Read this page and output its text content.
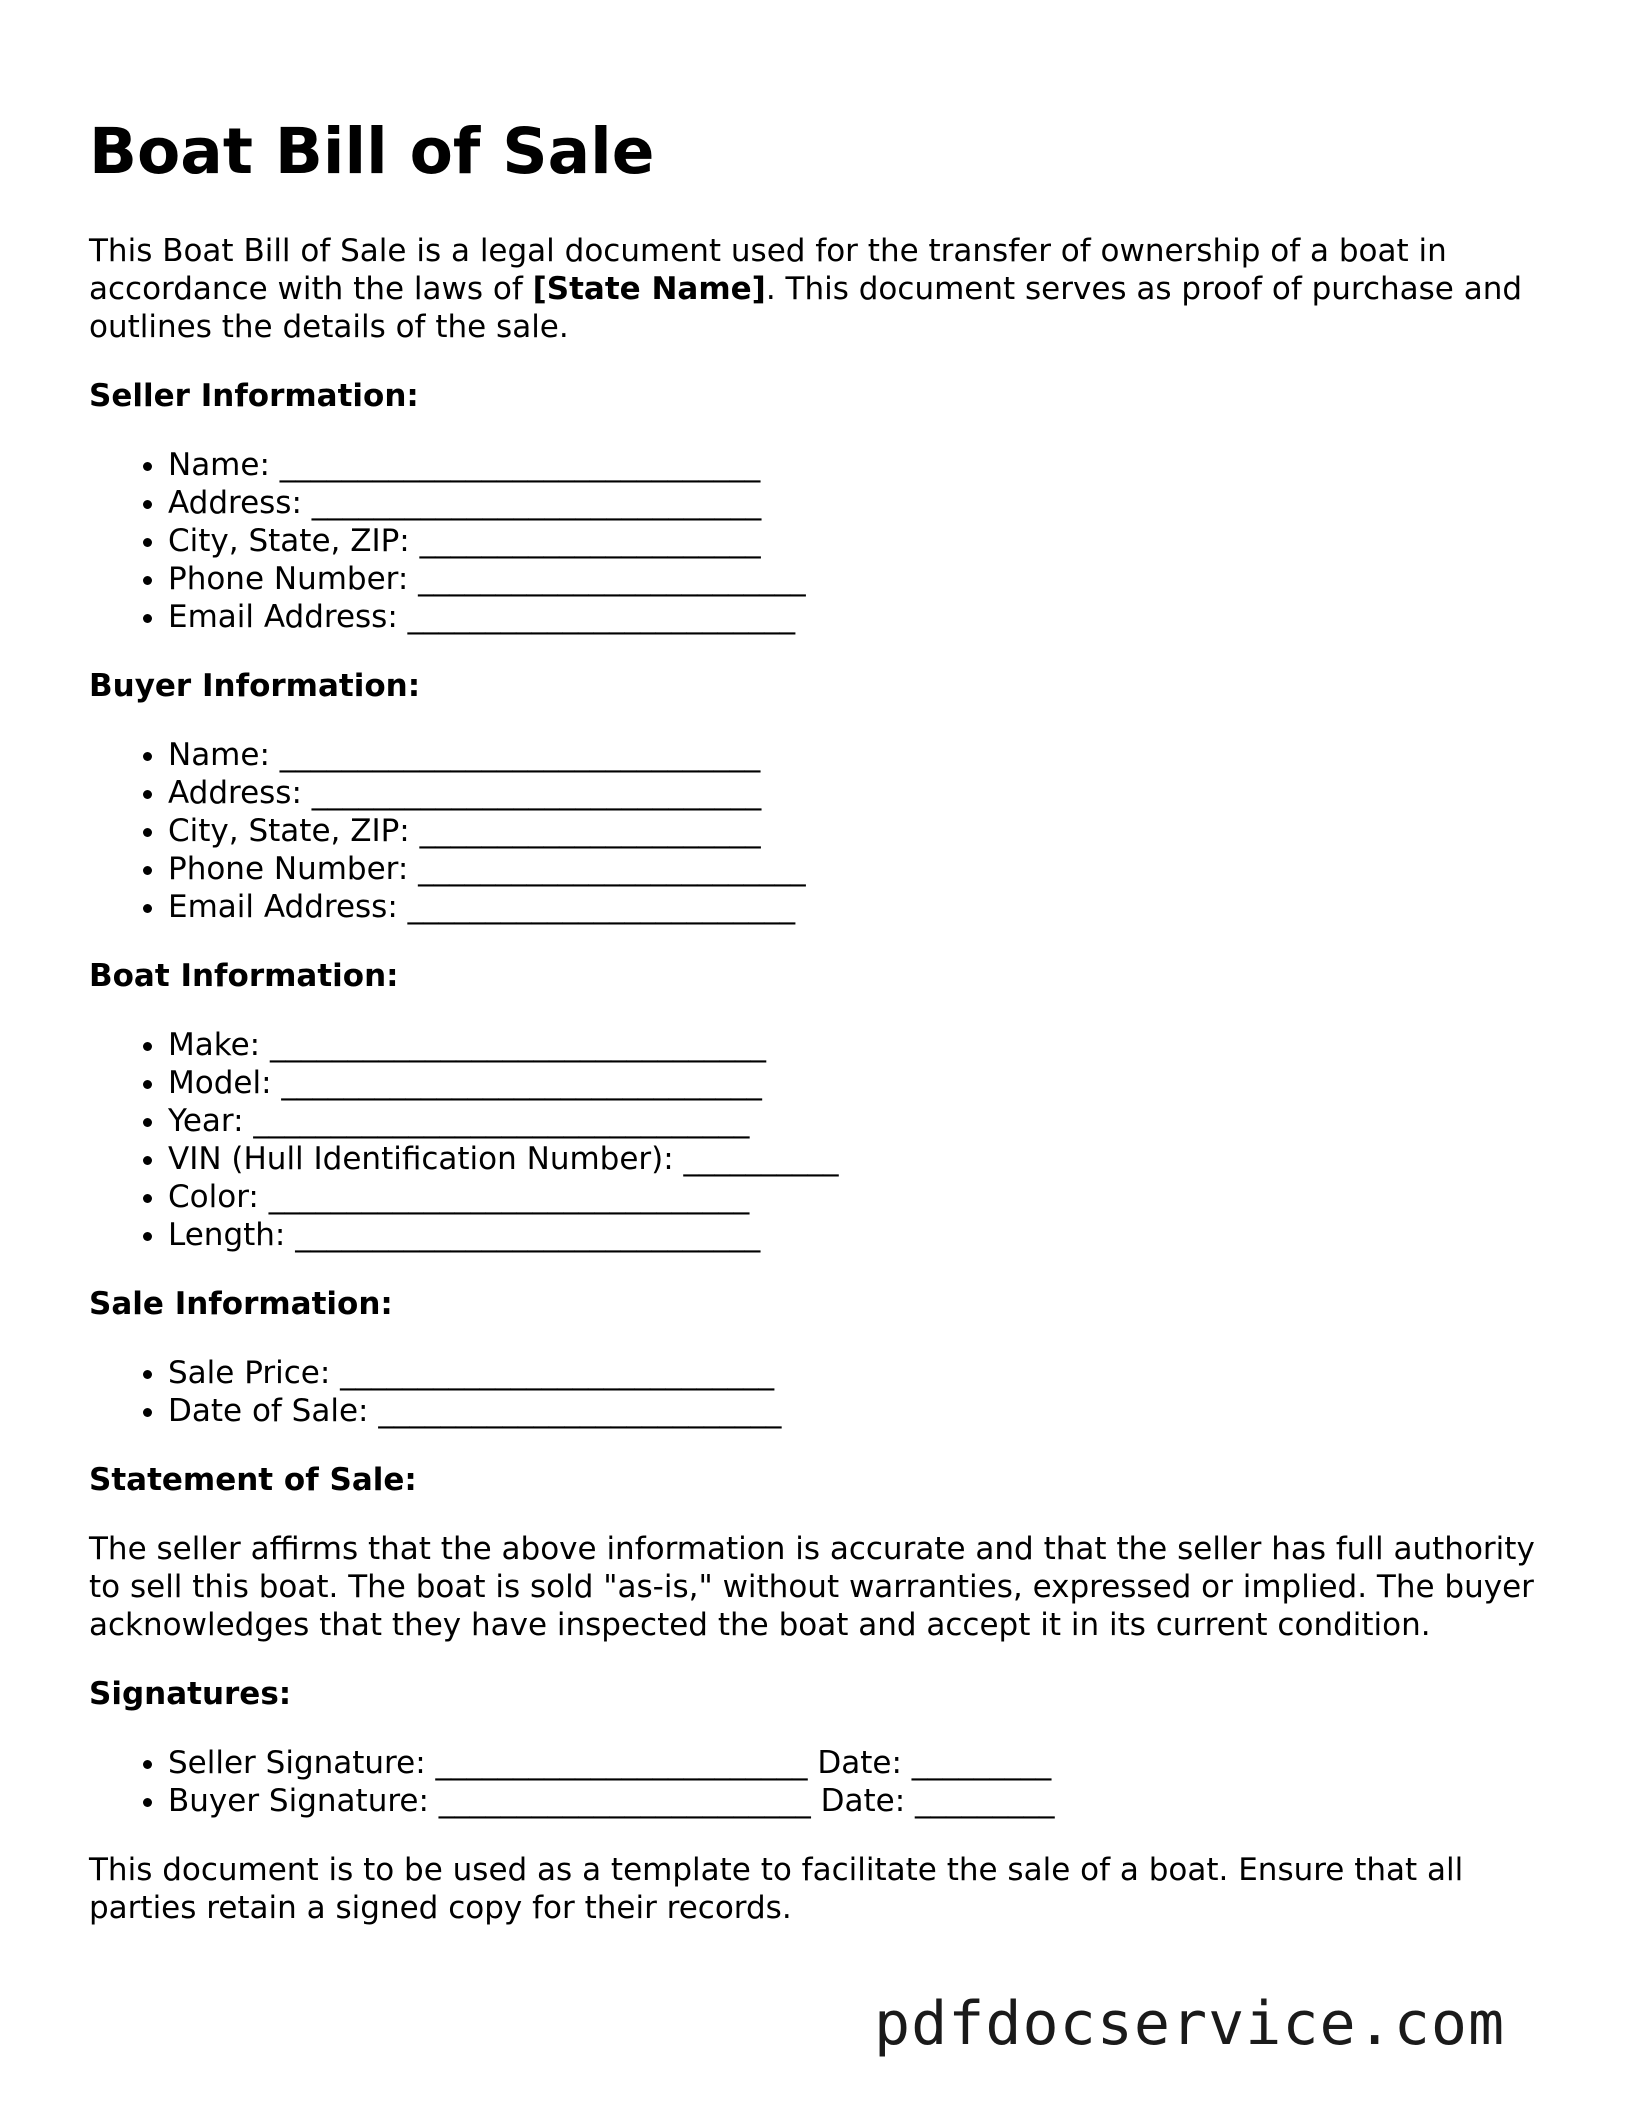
Boat Bill of Sale

This Boat Bill of Sale is a legal document used for the transfer of ownership of a boat in accordance with the laws of [State Name]. This document serves as proof of purchase and outlines the details of the sale.

Seller Information:
• Name: _______________________________
• Address: _____________________________
• City, State, ZIP: ______________________
• Phone Number: _________________________
• Email Address: _________________________
Buyer Information:
• Name: _______________________________
• Address: _____________________________
• City, State, ZIP: ______________________
• Phone Number: _________________________
• Email Address: _________________________
Boat Information:
• Make: ________________________________
• Model: _______________________________
• Year: ________________________________
• VIN (Hull Identification Number): __________
• Color: _______________________________
• Length: ______________________________
Sale Information:
• Sale Price: ____________________________
• Date of Sale: __________________________
Statement of Sale:

The seller affirms that the above information is accurate and that the seller has full authority to sell this boat. The boat is sold "as-is," without warranties, expressed or implied. The buyer acknowledges that they have inspected the boat and accept it in its current condition.

Signatures:
• Seller Signature: ________________________ Date: _________
• Buyer Signature: ________________________ Date: _________

This document is to be used as a template to facilitate the sale of a boat. Ensure that all parties retain a signed copy for their records.

pdfdocservice.com
